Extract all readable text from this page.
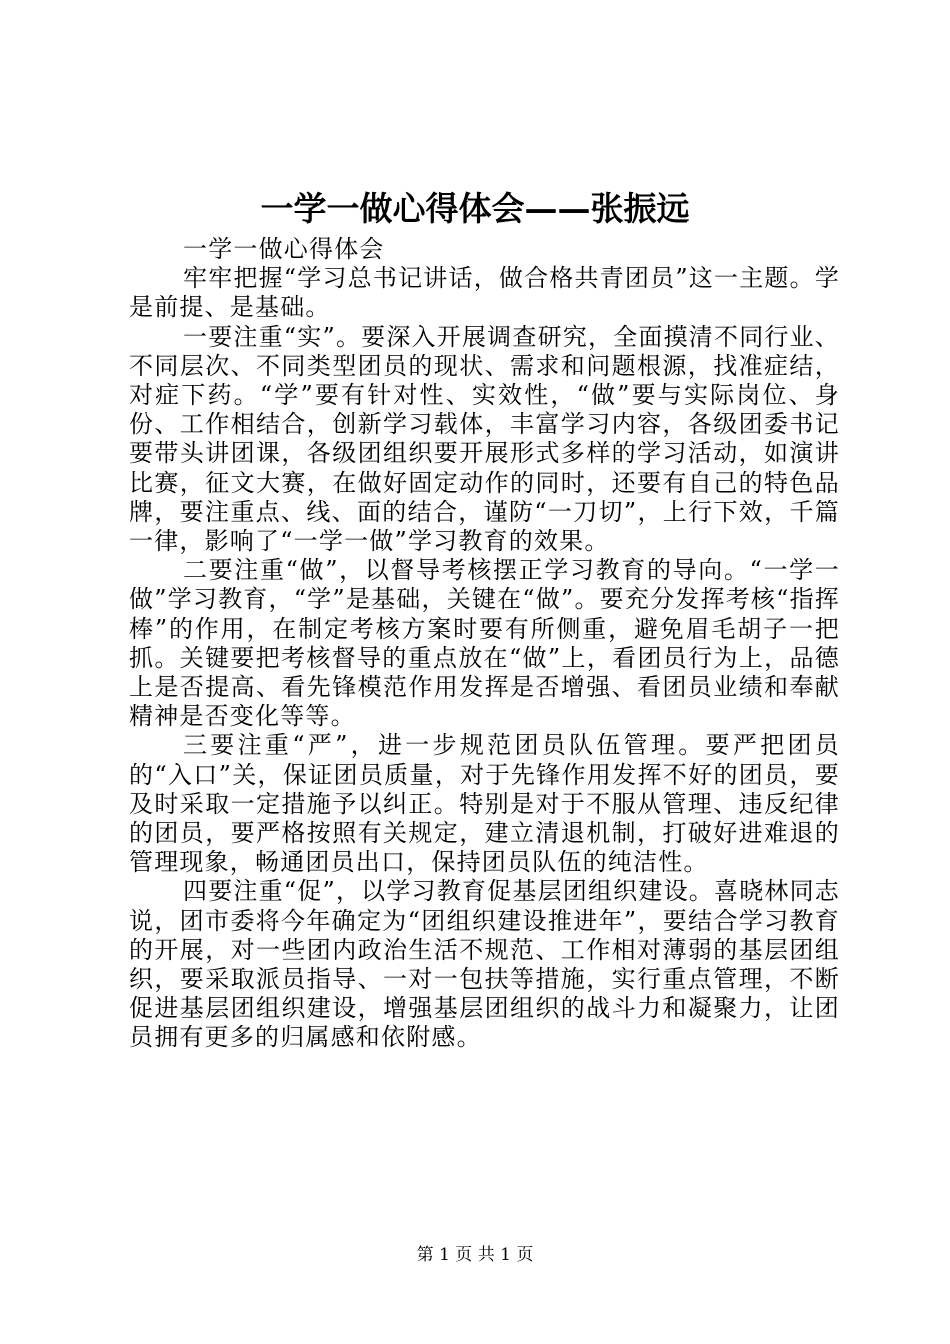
一学一做心得体会——张振远

一学一做心得体会

牢牢把握“学习总书记讲话，做合格共青团员”这一主题。学是前提、是基础。

一要注重“实”。要深入开展调查研究，全面摸清不同行业、不同层次、不同类型团员的现状、需求和问题根源，找准症结，对症下药。“学”要有针对性、实效性，“做”要与实际岗位、身份、工作相结合，创新学习载体，丰富学习内容，各级团委书记要带头讲团课，各级团组织要开展形式多样的学习活动，如演讲比赛，征文大赛，在做好固定动作的同时，还要有自己的特色品牌，要注重点、线、面的结合，谨防“一刀切”，上行下效，千篇一律，影响了“一学一做”学习教育的效果。

二要注重“做”，以督导考核摆正学习教育的导向。“一学一做”学习教育，“学”是基础，关键在“做”。要充分发挥考核“指挥棒”的作用，在制定考核方案时要有所侧重，避免眉毛胡子一把抓。关键要把考核督导的重点放在“做”上，看团员行为上，品德上是否提高、看先锋模范作用发挥是否增强、看团员业绩和奉献精神是否变化等等。

三要注重“严”，进一步规范团员队伍管理。要严把团员的“入口”关，保证团员质量，对于先锋作用发挥不好的团员，要及时采取一定措施予以纠正。特别是对于不服从管理、违反纪律的团员，要严格按照有关规定，建立清退机制，打破好进难退的管理现象，畅通团员出口，保持团员队伍的纯洁性。

四要注重“促”，以学习教育促基层团组织建设。喜晓林同志说，团市委将今年确定为“团组织建设推进年”，要结合学习教育的开展，对一些团内政治生活不规范、工作相对薄弱的基层团组织，要采取派员指导、一对一包扶等措施，实行重点管理，不断促进基层团组织建设，增强基层团组织的战斗力和凝聚力，让团员拥有更多的归属感和依附感。

第 1 页 共 1 页
